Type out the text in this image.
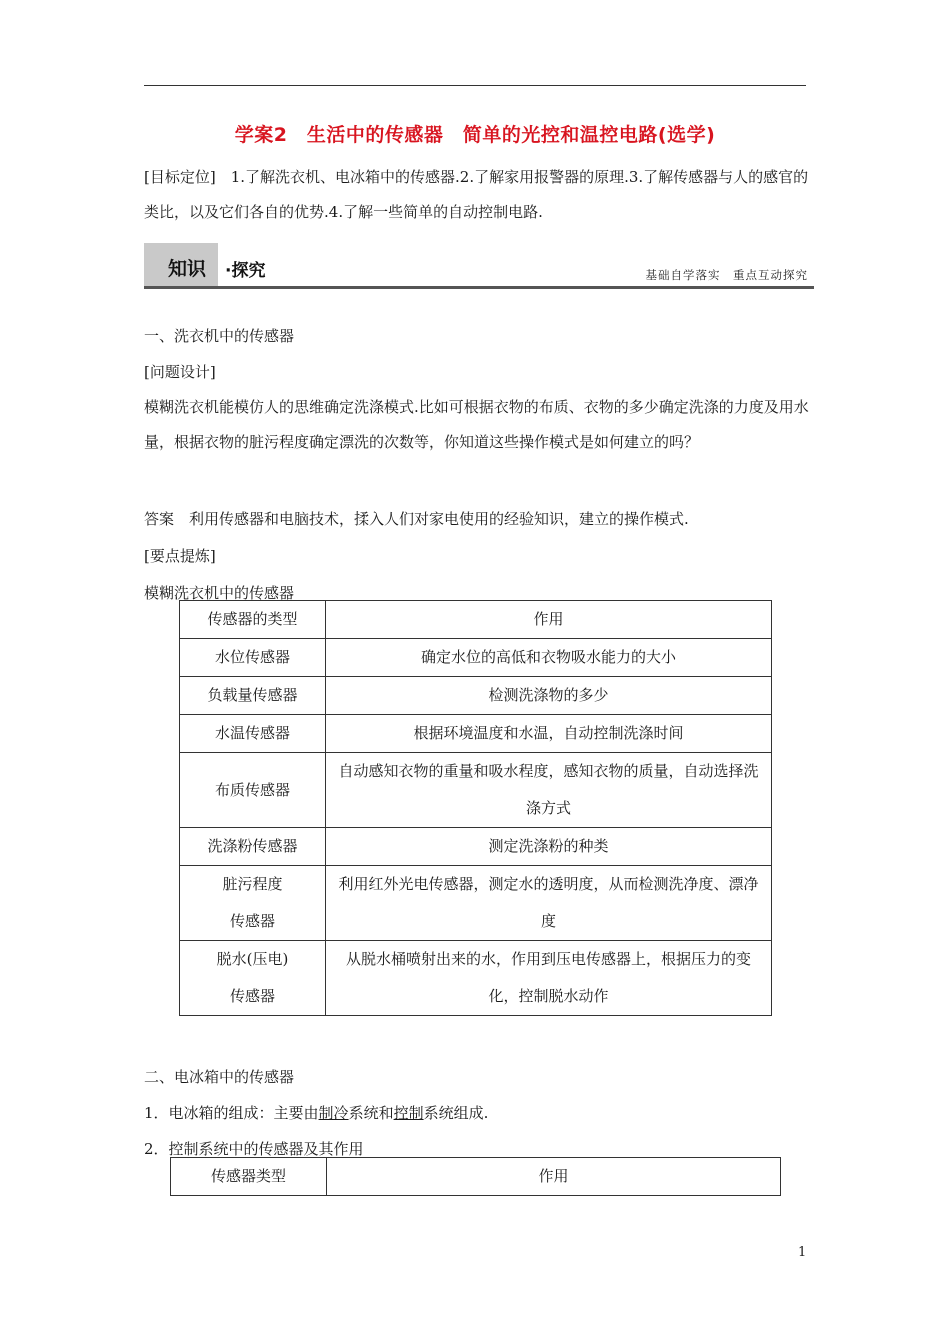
学案2　生活中的传感器　简单的光控和温控电路(选学)
[目标定位]　1.了解洗衣机、电冰箱中的传感器.2.了解家用报警器的原理.3.了解传感器与人的感官的类比，以及它们各自的优势.4.了解一些简单的自动控制电路.
知识 ·探究	基础自学落实　重点互动探究
一、洗衣机中的传感器
[问题设计]
模糊洗衣机能模仿人的思维确定洗涤模式.比如可根据衣物的布质、衣物的多少确定洗涤的力度及用水量，根据衣物的脏污程度确定漂洗的次数等，你知道这些操作模式是如何建立的吗？
答案　利用传感器和电脑技术，揉入人们对家电使用的经验知识，建立的操作模式.
[要点提炼]
模糊洗衣机中的传感器
传感器的类型	作用
水位传感器	确定水位的高低和衣物吸水能力的大小
负载量传感器	检测洗涤物的多少
水温传感器	根据环境温度和水温，自动控制洗涤时间
布质传感器	自动感知衣物的重量和吸水程度，感知衣物的质量，自动选择洗涤方式
洗涤粉传感器	测定洗涤粉的种类
脏污程度传感器	利用红外光电传感器，测定水的透明度，从而检测洗净度、漂净度
脱水(压电)传感器	从脱水桶喷射出来的水，作用到压电传感器上，根据压力的变化，控制脱水动作
二、电冰箱中的传感器
1．电冰箱的组成：主要由制冷系统和控制系统组成.
2．控制系统中的传感器及其作用
传感器类型	作用
1
